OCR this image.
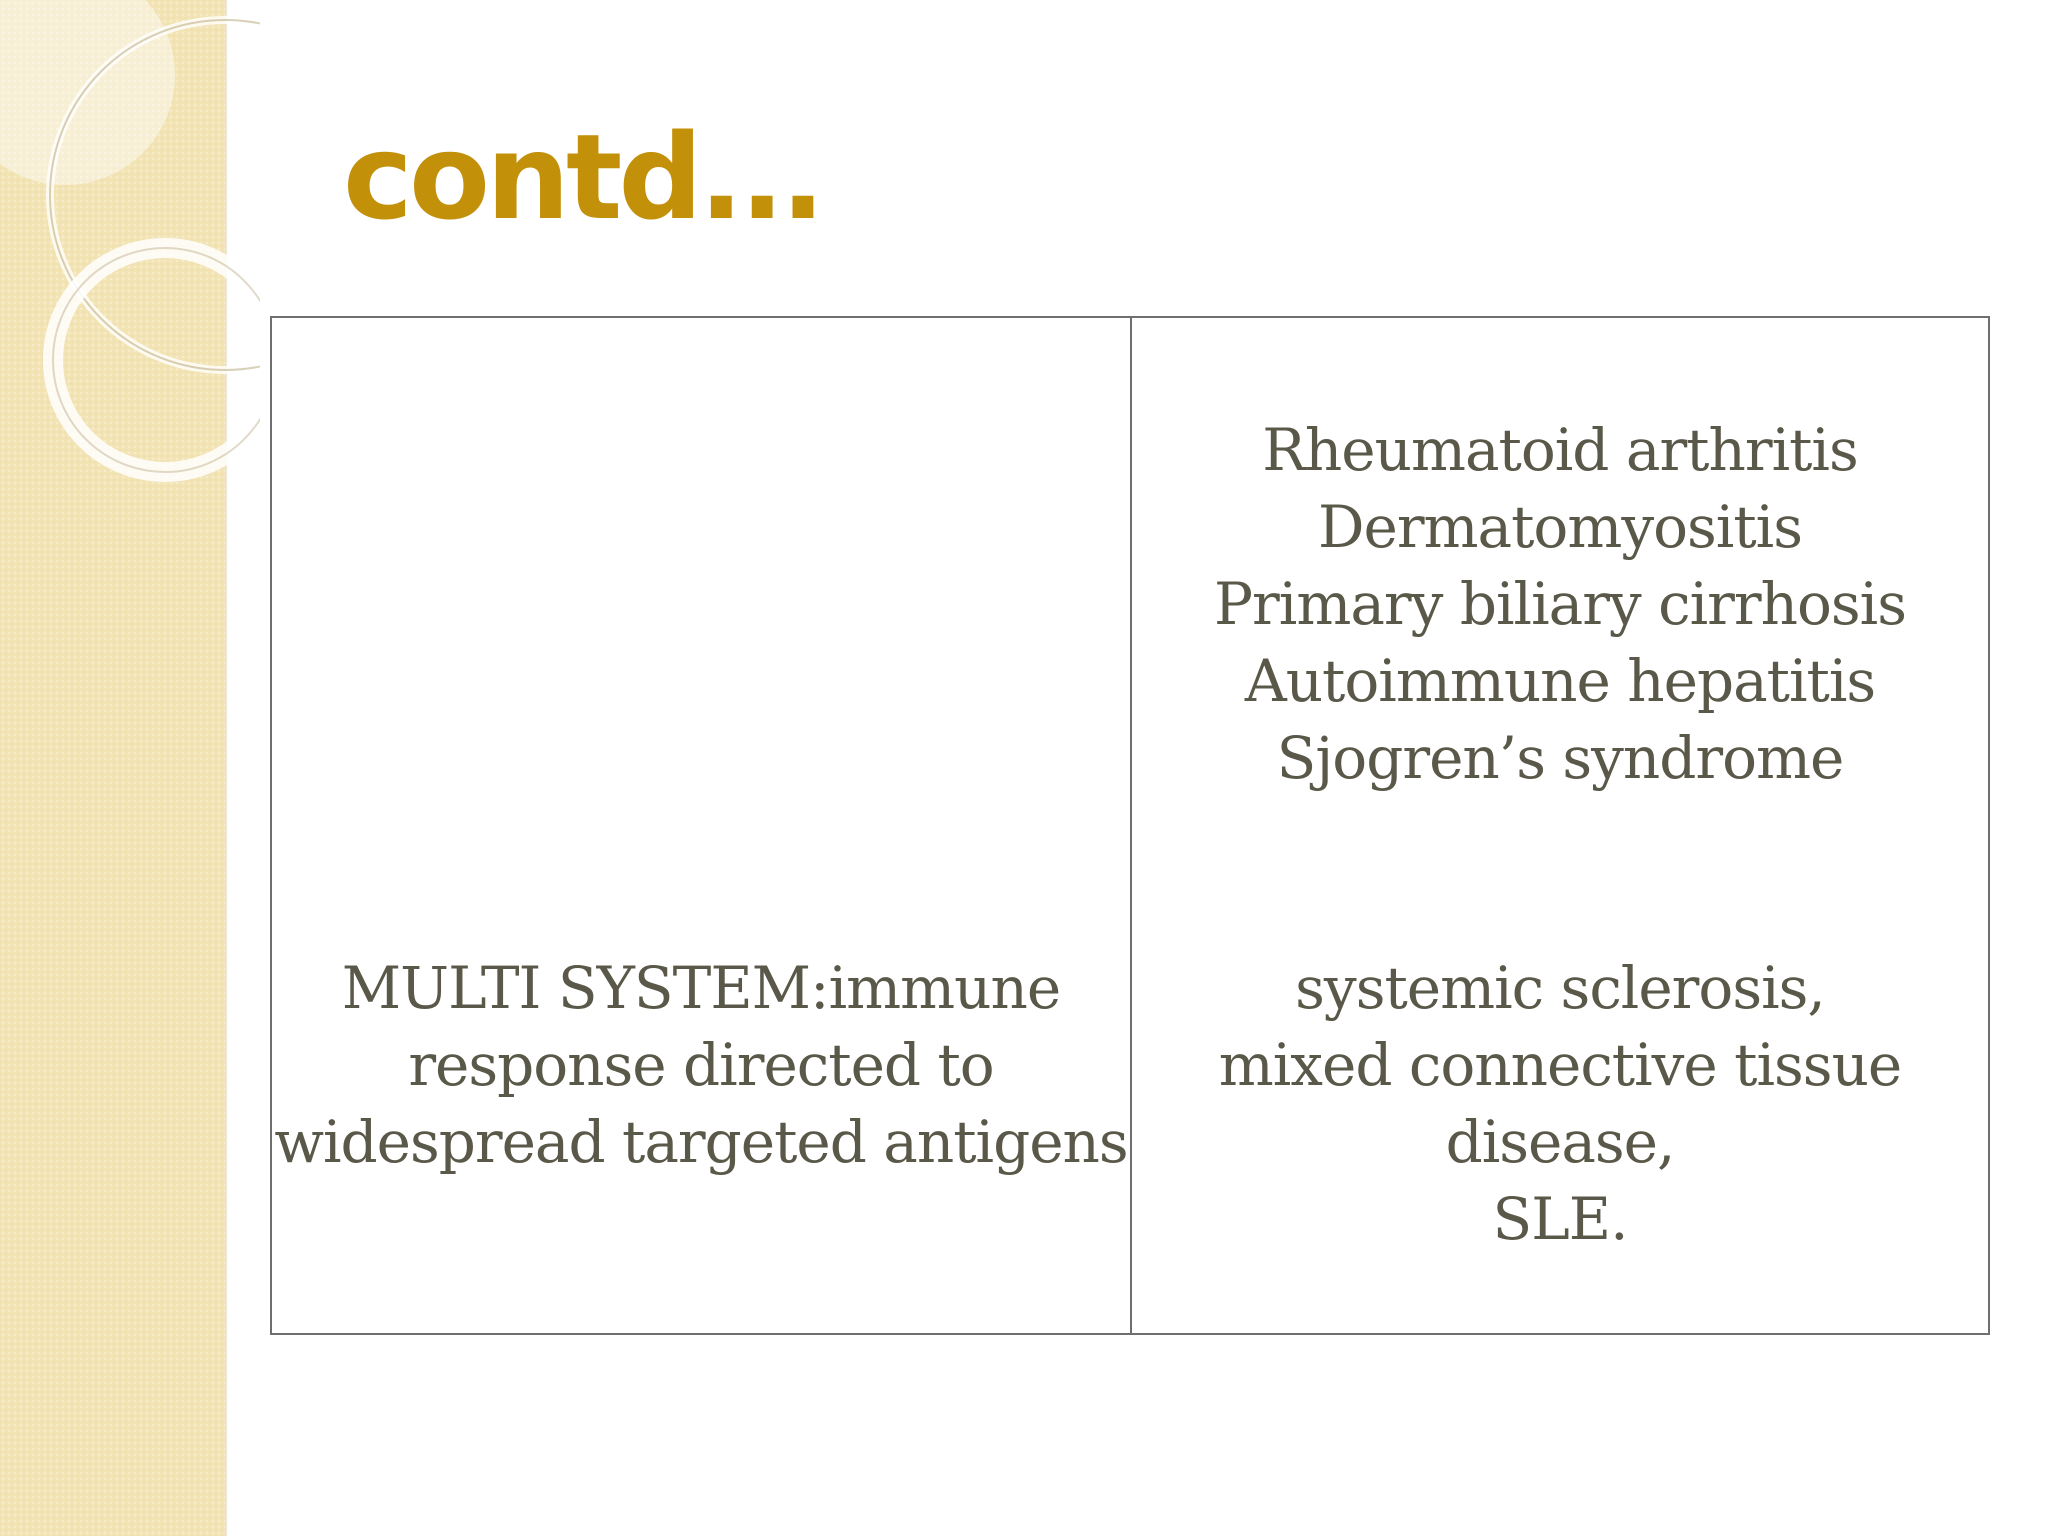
contd...
MULTI SYSTEM:immune
response directed to
widespread targeted antigens
Rheumatoid arthritis
Dermatomyositis
Primary biliary cirrhosis
Autoimmune hepatitis
Sjogren’s syndrome
systemic sclerosis,
mixed connective tissue
disease,
SLE.
